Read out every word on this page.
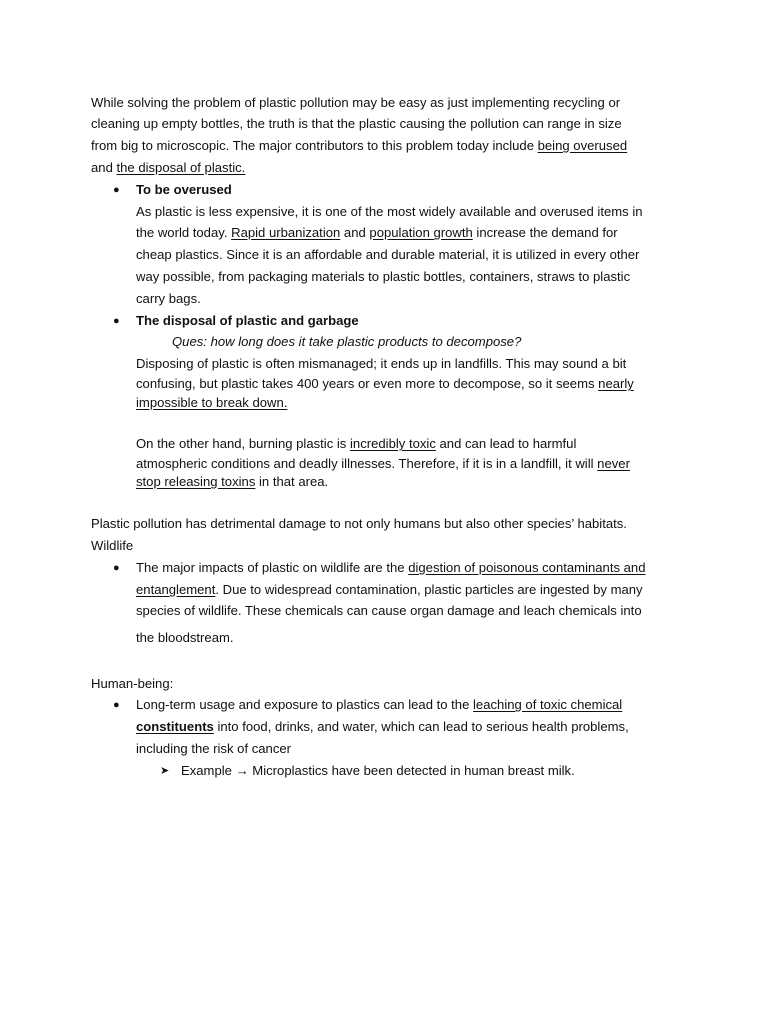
While solving the problem of plastic pollution may be easy as just implementing recycling or
cleaning up empty bottles, the truth is that the plastic causing the pollution can range in size
from big to microscopic. The major contributors to this problem today include being overused
and the disposal of plastic.
● To be overused
As plastic is less expensive, it is one of the most widely available and overused items in
the world today. Rapid urbanization and population growth increase the demand for
cheap plastics. Since it is an affordable and durable material, it is utilized in every other
way possible, from packaging materials to plastic bottles, containers, straws to plastic
carry bags.
● The disposal of plastic and garbage
Ques: how long does it take plastic products to decompose?
Disposing of plastic is often mismanaged; it ends up in landfills. This may sound a bit
confusing, but plastic takes 400 years or even more to decompose, so it seems nearly
impossible to break down.
On the other hand, burning plastic is incredibly toxic and can lead to harmful
atmospheric conditions and deadly illnesses. Therefore, if it is in a landfill, it will never
stop releasing toxins in that area.
Plastic pollution has detrimental damage to not only humans but also other species’ habitats.
Wildlife
● The major impacts of plastic on wildlife are the digestion of poisonous contaminants and
entanglement. Due to widespread contamination, plastic particles are ingested by many
species of wildlife. These chemicals can cause organ damage and leach chemicals into
the bloodstream.
Human-being:
● Long-term usage and exposure to plastics can lead to the leaching of toxic chemical
constituents into food, drinks, and water, which can lead to serious health problems,
including the risk of cancer
➤ Example → Microplastics have been detected in human breast milk.
